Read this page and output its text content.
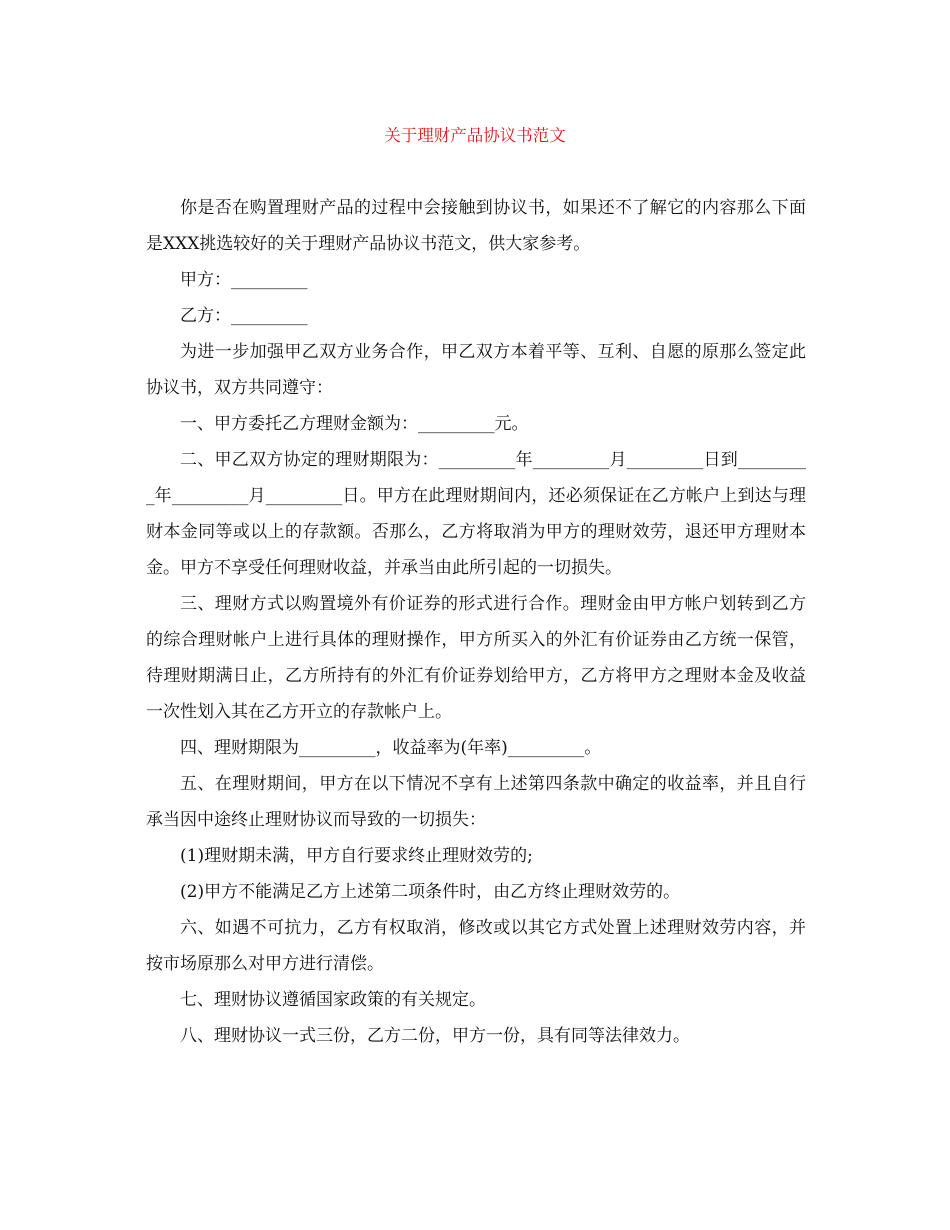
关于理财产品协议书范文

你是否在购置理财产品的过程中会接触到协议书，如果还不了解它的内容那么下面是XXX挑选较好的关于理财产品协议书范文，供大家参考。

甲方：_________

乙方：_________

为进一步加强甲乙双方业务合作，甲乙双方本着平等、互利、自愿的原那么签定此协议书，双方共同遵守：

一、甲方委托乙方理财金额为：_________元。

二、甲乙双方协定的理财期限为：_________年_________月_________日到_________年_________月_________日。甲方在此理财期间内，还必须保证在乙方帐户上到达与理财本金同等或以上的存款额。否那么，乙方将取消为甲方的理财效劳，退还甲方理财本金。甲方不享受任何理财收益，并承当由此所引起的一切损失。

三、理财方式以购置境外有价证券的形式进行合作。理财金由甲方帐户划转到乙方的综合理财帐户上进行具体的理财操作，甲方所买入的外汇有价证券由乙方统一保管，待理财期满日止，乙方所持有的外汇有价证券划给甲方，乙方将甲方之理财本金及收益一次性划入其在乙方开立的存款帐户上。

四、理财期限为_________，收益率为(年率)_________。

五、在理财期间，甲方在以下情况不享有上述第四条款中确定的收益率，并且自行承当因中途终止理财协议而导致的一切损失：

(1)理财期未满，甲方自行要求终止理财效劳的;

(2)甲方不能满足乙方上述第二项条件时，由乙方终止理财效劳的。

六、如遇不可抗力，乙方有权取消，修改或以其它方式处置上述理财效劳内容，并按市场原那么对甲方进行清偿。

七、理财协议遵循国家政策的有关规定。

八、理财协议一式三份，乙方二份，甲方一份，具有同等法律效力。
